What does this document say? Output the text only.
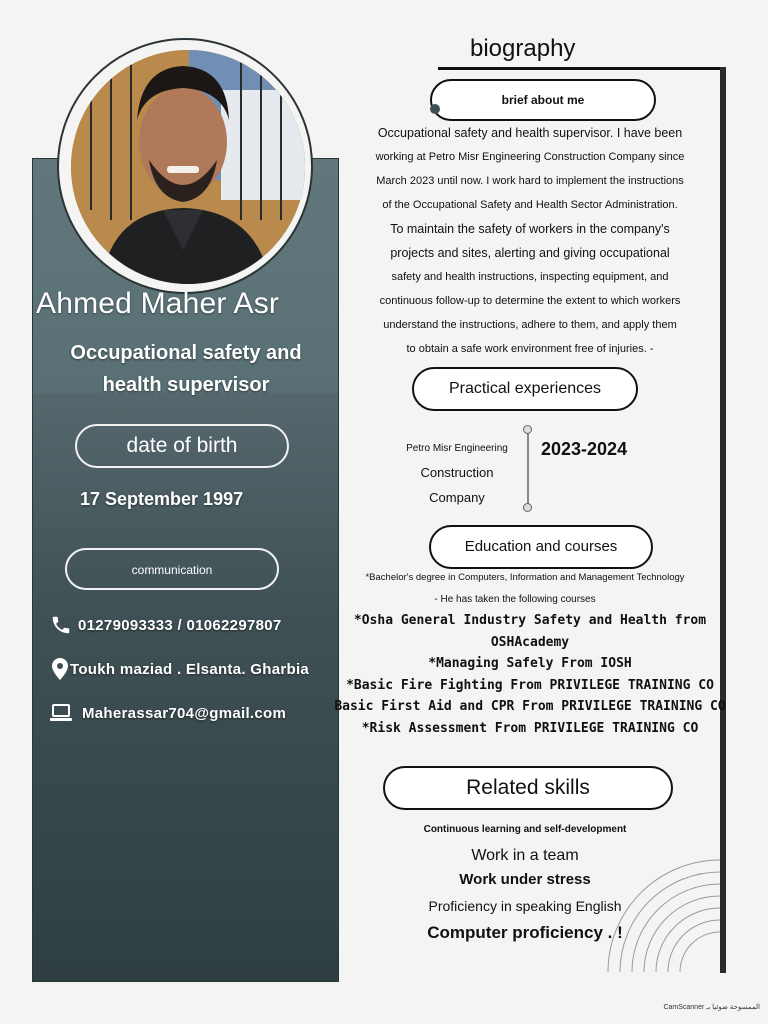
Ahmed Maher Asr
Occupational safety and
health supervisor
date of birth
17 September 1997
communication
01279093333 / 01062297807
Toukh maziad . Elsanta. Gharbia
Maherassar704@gmail.com
biography
brief about me
Occupational safety and health supervisor. I have been
working at Petro Misr Engineering Construction Company since
March 2023 until now. I work hard to implement the instructions
of the Occupational Safety and Health Sector Administration.
To maintain the safety of workers in the company's
projects and sites, alerting and giving occupational
safety and health instructions, inspecting equipment, and
continuous follow-up to determine the extent to which workers
understand the instructions, adhere to them, and apply them
to obtain a safe work environment free of injuries. -
Practical experiences
Petro Misr Engineering
Construction
Company
2023-2024
Education and courses
*Bachelor's degree in Computers, Information and Management Technology
- He has taken the following courses
*Osha General Industry Safety and Health from
OSHAcademy
*Managing Safely From IOSH
*Basic Fire Fighting From PRIVILEGE TRAINING CO
Basic First Aid and CPR From PRIVILEGE TRAINING CO
*Risk Assessment From PRIVILEGE TRAINING CO
Related skills
Continuous learning and self-development
Work in a team
Work under stress
Proficiency in speaking English
Computer proficiency . !
CamScanner الممسوحة ضوئيا بـ
